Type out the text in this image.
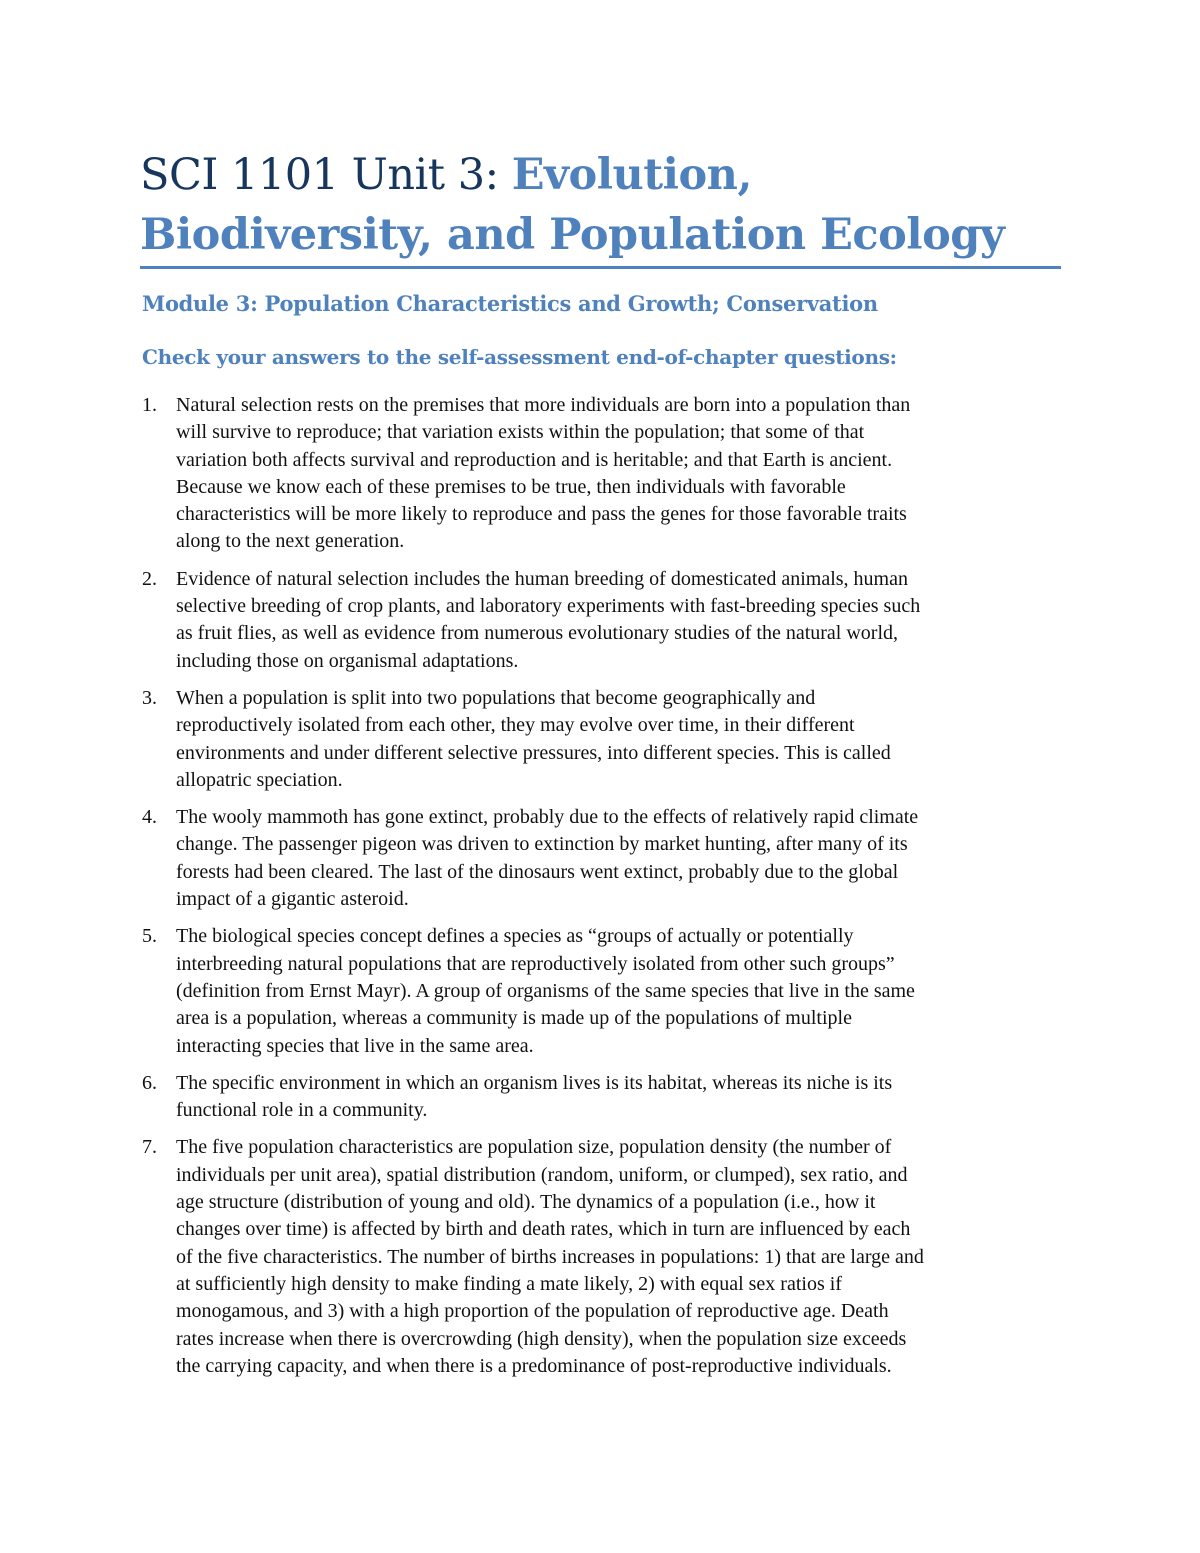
SCI 1101 Unit 3: Evolution,
Biodiversity, and Population Ecology
Module 3: Population Characteristics and Growth; Conservation
Check your answers to the self-assessment end-of-chapter questions:
1. Natural selection rests on the premises that more individuals are born into a population than
will survive to reproduce; that variation exists within the population; that some of that
variation both affects survival and reproduction and is heritable; and that Earth is ancient.
Because we know each of these premises to be true, then individuals with favorable
characteristics will be more likely to reproduce and pass the genes for those favorable traits
along to the next generation.
2. Evidence of natural selection includes the human breeding of domesticated animals, human
selective breeding of crop plants, and laboratory experiments with fast-breeding species such
as fruit flies, as well as evidence from numerous evolutionary studies of the natural world,
including those on organismal adaptations.
3. When a population is split into two populations that become geographically and
reproductively isolated from each other, they may evolve over time, in their different
environments and under different selective pressures, into different species. This is called
allopatric speciation.
4. The wooly mammoth has gone extinct, probably due to the effects of relatively rapid climate
change. The passenger pigeon was driven to extinction by market hunting, after many of its
forests had been cleared. The last of the dinosaurs went extinct, probably due to the global
impact of a gigantic asteroid.
5. The biological species concept defines a species as “groups of actually or potentially
interbreeding natural populations that are reproductively isolated from other such groups”
(definition from Ernst Mayr). A group of organisms of the same species that live in the same
area is a population, whereas a community is made up of the populations of multiple
interacting species that live in the same area.
6. The specific environment in which an organism lives is its habitat, whereas its niche is its
functional role in a community.
7. The five population characteristics are population size, population density (the number of
individuals per unit area), spatial distribution (random, uniform, or clumped), sex ratio, and
age structure (distribution of young and old). The dynamics of a population (i.e., how it
changes over time) is affected by birth and death rates, which in turn are influenced by each
of the five characteristics. The number of births increases in populations: 1) that are large and
at sufficiently high density to make finding a mate likely, 2) with equal sex ratios if
monogamous, and 3) with a high proportion of the population of reproductive age. Death
rates increase when there is overcrowding (high density), when the population size exceeds
the carrying capacity, and when there is a predominance of post-reproductive individuals.
